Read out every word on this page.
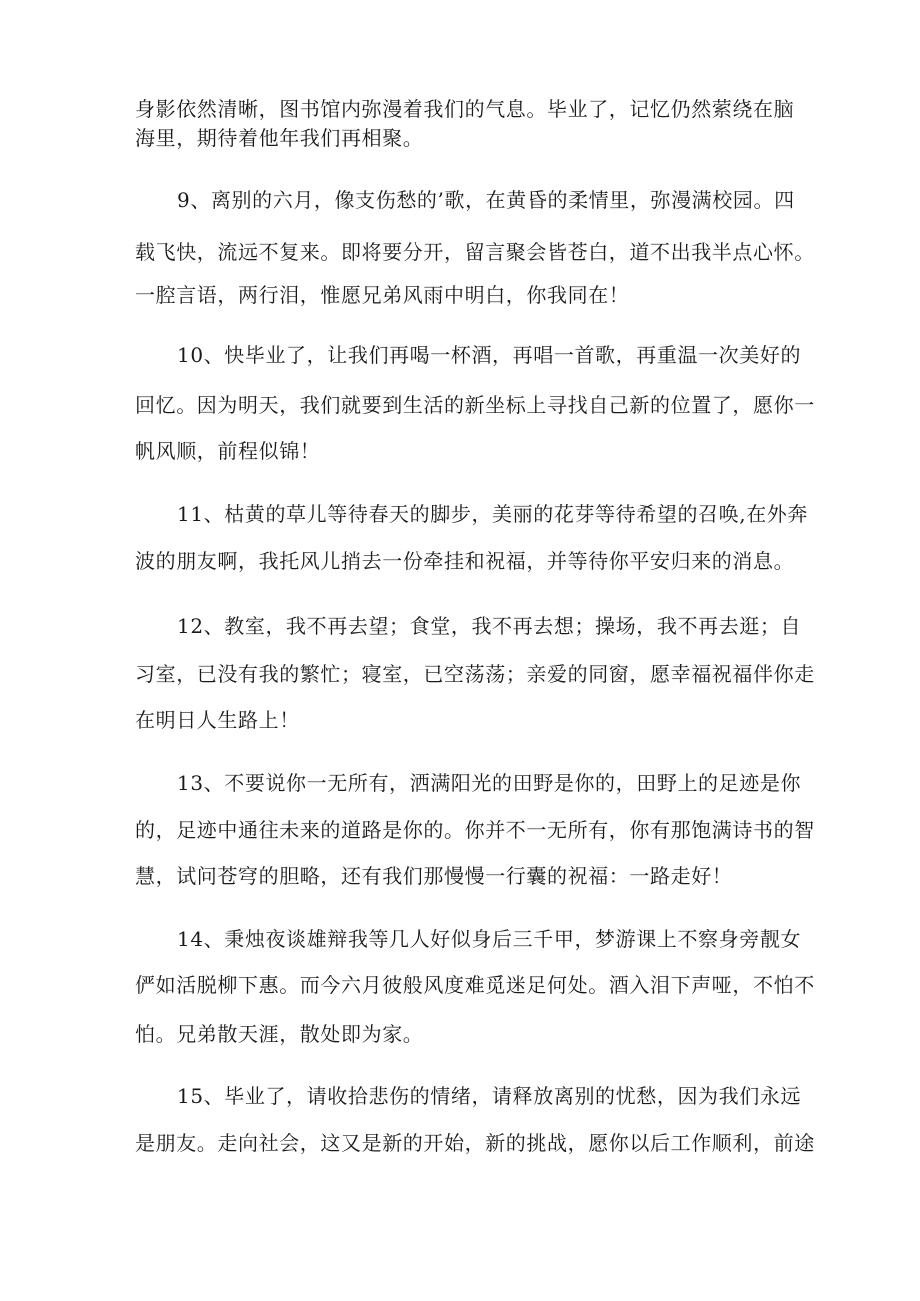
身影依然清晰，图书馆内弥漫着我们的气息。毕业了，记忆仍然萦绕在脑
海里，期待着他年我们再相聚。
9、离别的六月，像支伤愁的’歌，在黄昏的柔情里，弥漫满校园。四
载飞快，流远不复来。即将要分开，留言聚会皆苍白，道不出我半点心怀。
一腔言语，两行泪，惟愿兄弟风雨中明白，你我同在！
10、快毕业了，让我们再喝一杯酒，再唱一首歌，再重温一次美好的
回忆。因为明天，我们就要到生活的新坐标上寻找自己新的位置了，愿你一
帆风顺，前程似锦！
11、枯黄的草儿等待春天的脚步，美丽的花芽等待希望的召唤,在外奔
波的朋友啊，我托风儿捎去一份牵挂和祝福，并等待你平安归来的消息。
12、教室，我不再去望；食堂，我不再去想；操场，我不再去逛；自
习室，已没有我的繁忙；寝室，已空荡荡；亲爱的同窗，愿幸福祝福伴你走
在明日人生路上！
13、不要说你一无所有，洒满阳光的田野是你的，田野上的足迹是你
的，足迹中通往未来的道路是你的。你并不一无所有，你有那饱满诗书的智
慧，试问苍穹的胆略，还有我们那慢慢一行囊的祝福：一路走好！
14、秉烛夜谈雄辩我等几人好似身后三千甲，梦游课上不察身旁靓女
俨如活脱柳下惠。而今六月彼般风度难觅迷足何处。酒入泪下声哑，不怕不
怕。兄弟散天涯，散处即为家。
15、毕业了，请收拾悲伤的情绪，请释放离别的忧愁，因为我们永远
是朋友。走向社会，这又是新的开始，新的挑战，愿你以后工作顺利，前途
